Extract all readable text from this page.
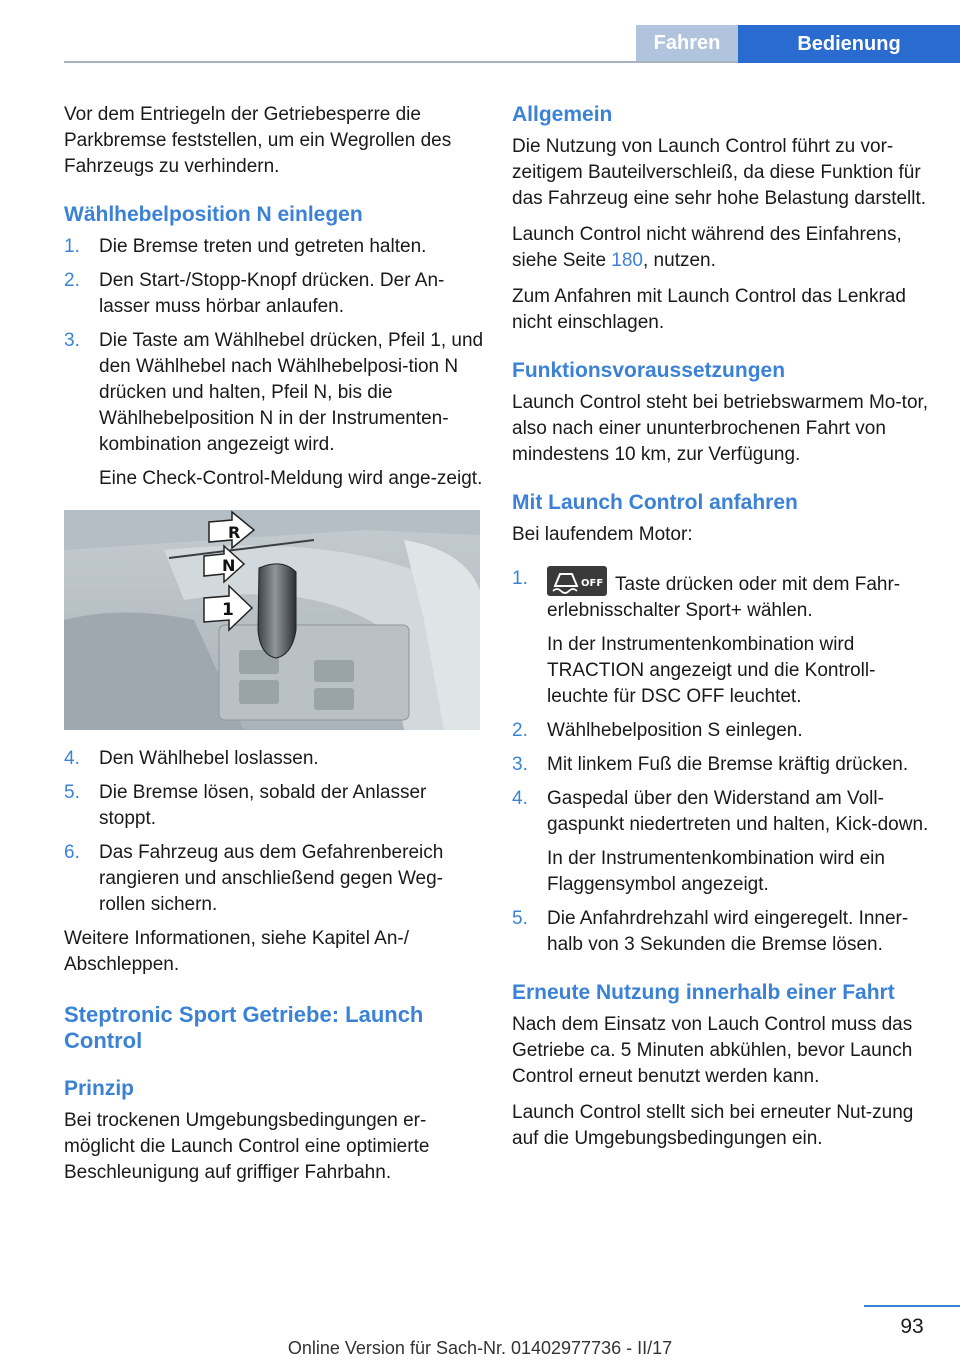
Fahren	Bedienung

Vor dem Entriegeln der Getriebesperre die Parkbremse feststellen, um ein Wegrollen des Fahrzeugs zu verhindern.

Wählhebelposition N einlegen
1. Die Bremse treten und getreten halten.
2. Den Start-/Stopp-Knopf drücken. Der An‐lasser muss hörbar anlaufen.
3. Die Taste am Wählhebel drücken, Pfeil 1, und den Wählhebel nach Wählhebelposi‐tion N drücken und halten, Pfeil N, bis die Wählhebelposition N in der Instrumenten‐kombination angezeigt wird.
Eine Check-Control-Meldung wird ange‐zeigt.
R
N
1
4. Den Wählhebel loslassen.
5. Die Bremse lösen, sobald der Anlasser stoppt.
6. Das Fahrzeug aus dem Gefahrenbereich rangieren und anschließend gegen Weg‐rollen sichern.

Weitere Informationen, siehe Kapitel An-/ Abschleppen.

Steptronic Sport Getriebe: Launch Control
Prinzip

Bei trockenen Umgebungsbedingungen er‐möglicht die Launch Control eine optimierte Beschleunigung auf griffiger Fahrbahn.

Allgemein

Die Nutzung von Launch Control führt zu vor‐zeitigem Bauteilverschleiß, da diese Funktion für das Fahrzeug eine sehr hohe Belastung darstellt.

Launch Control nicht während des Einfahrens, siehe Seite 180, nutzen.

Zum Anfahren mit Launch Control das Lenkrad nicht einschlagen.

Funktionsvoraussetzungen

Launch Control steht bei betriebswarmem Mo‐tor, also nach einer ununterbrochenen Fahrt von mindestens 10 km, zur Verfügung.

Mit Launch Control anfahren

Bei laufendem Motor:

1.	OFF Taste drücken oder mit dem Fahr‐erlebnisschalter Sport+ wählen.
In der Instrumentenkombination wird TRACTION angezeigt und die Kontroll‐leuchte für DSC OFF leuchtet.
2. Wählhebelposition S einlegen.
3. Mit linkem Fuß die Bremse kräftig drücken.
4. Gaspedal über den Widerstand am Voll‐gaspunkt niedertreten und halten, Kick‐down.
In der Instrumentenkombination wird ein Flaggensymbol angezeigt.
5. Die Anfahrdrehzahl wird eingeregelt. Inner‐halb von 3 Sekunden die Bremse lösen.
Erneute Nutzung innerhalb einer Fahrt

Nach dem Einsatz von Lauch Control muss das Getriebe ca. 5 Minuten abkühlen, bevor Launch Control erneut benutzt werden kann.

Launch Control stellt sich bei erneuter Nut‐zung auf die Umgebungsbedingungen ein.

93
Online Version für Sach-Nr. 01402977736 - II/17
